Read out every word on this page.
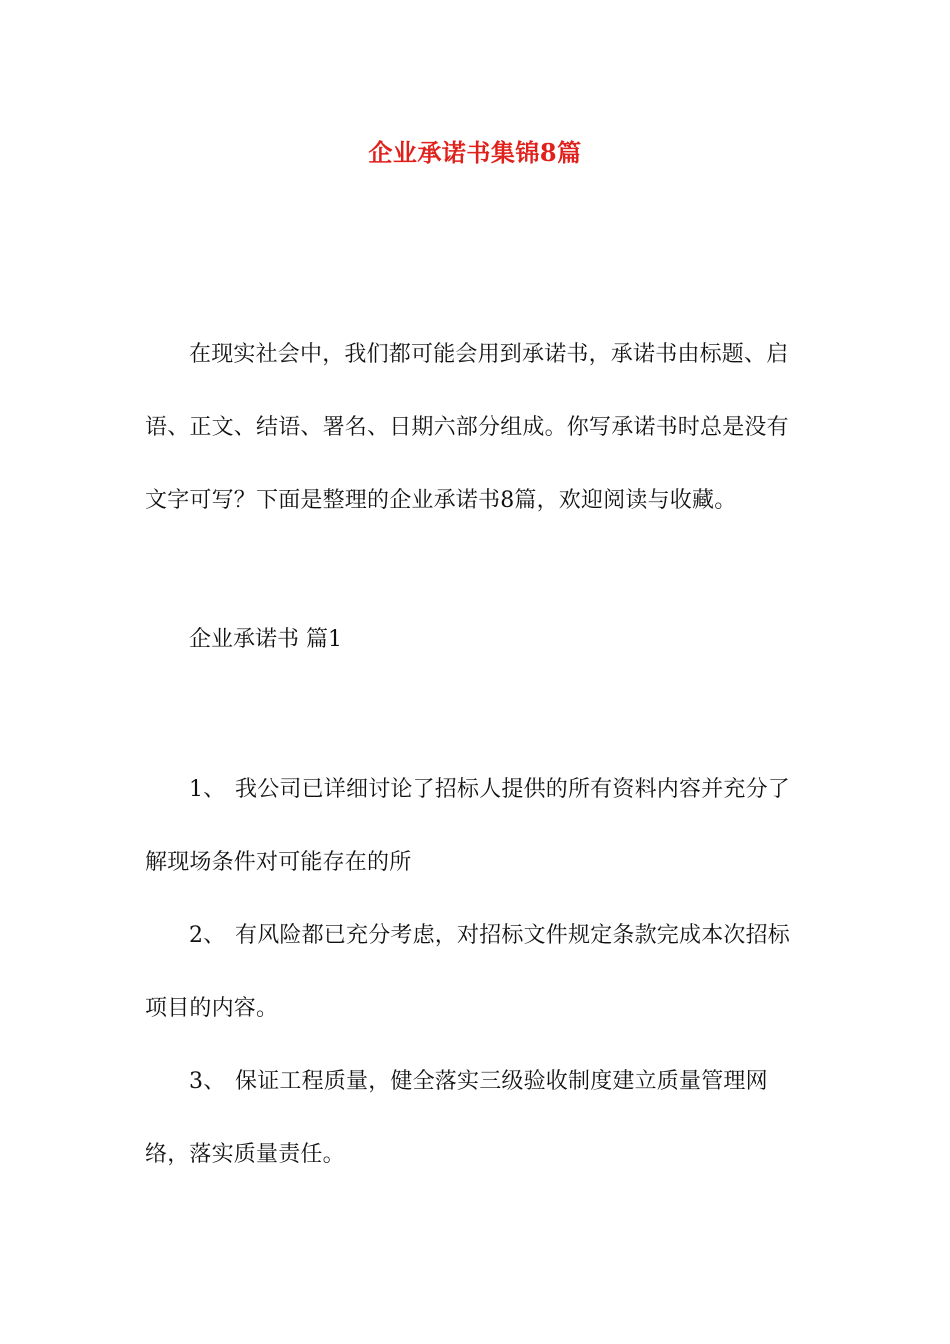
企业承诺书集锦8篇
在现实社会中，我们都可能会用到承诺书，承诺书由标题、启语、正文、结语、署名、日期六部分组成。你写承诺书时总是没有文字可写？下面是整理的企业承诺书8篇，欢迎阅读与收藏。
企业承诺书 篇1
1、 我公司已详细讨论了招标人提供的所有资料内容并充分了解现场条件对可能存在的所
2、 有风险都已充分考虑，对招标文件规定条款完成本次招标项目的内容。
3、 保证工程质量，健全落实三级验收制度建立质量管理网络，落实质量责任。
